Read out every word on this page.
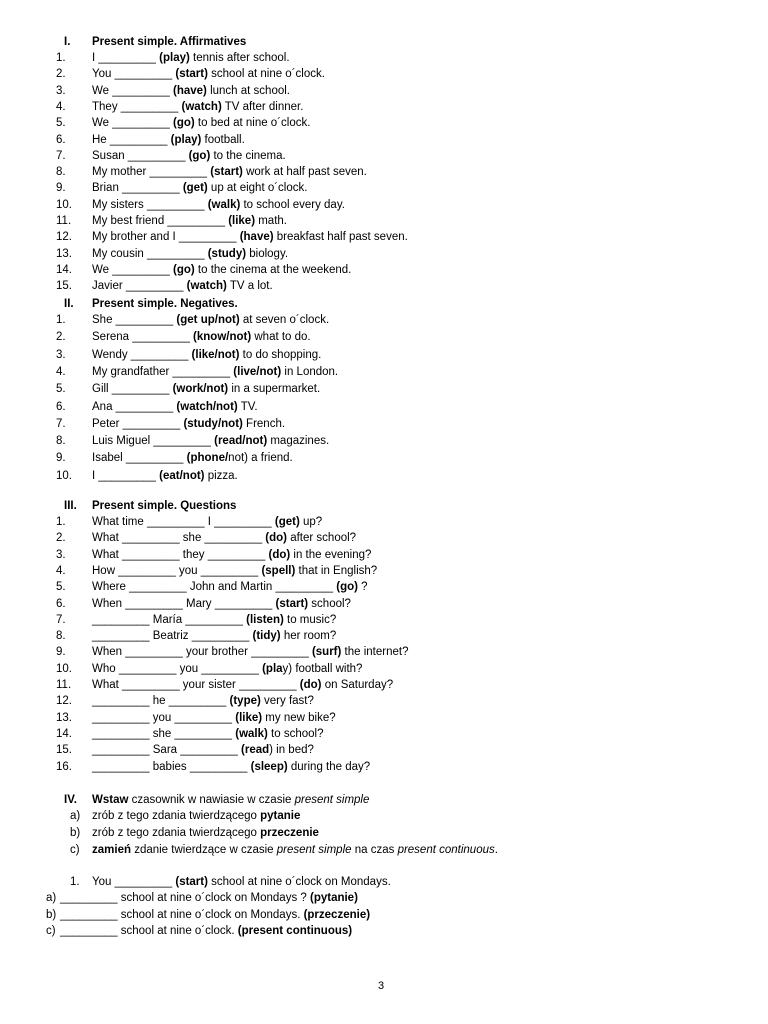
I. Present simple. Affirmatives
1.	I _________ (play) tennis after school.
2.	You _________ (start) school at nine o´clock.
3.	We _________ (have) lunch at school.
4.	They _________ (watch) TV after dinner.
5.	We _________ (go) to bed at nine o´clock.
6.	He _________ (play) football.
7.	Susan _________ (go) to the cinema.
8.	My mother _________ (start) work at half past seven.
9.	Brian _________ (get) up at eight o´clock.
10.	My sisters _________ (walk) to school every day.
11.	My best friend _________ (like) math.
12.	My brother and I _________ (have) breakfast half past seven.
13.	My cousin _________ (study) biology.
14.	We _________ (go) to the cinema at the weekend.
15.	Javier _________ (watch) TV a lot.
II. Present simple. Negatives.
1.	She _________ (get up/not) at seven o´clock.
2.	Serena _________ (know/not) what to do.
3.	Wendy _________ (like/not) to do shopping.
4.	My grandfather _________ (live/not) in London.
5.	Gill _________ (work/not) in a supermarket.
6.	Ana _________ (watch/not) TV.
7.	Peter _________ (study/not) French.
8.	Luis Miguel _________ (read/not) magazines.
9.	Isabel _________ (phone/not) a friend.
10.	I _________ (eat/not) pizza.
III. Present simple. Questions
1.	What time _________ I _________ (get) up?
2.	What _________ she _________ (do) after school?
3.	What _________ they _________ (do) in the evening?
4.	How _________ you _________ (spell) that in English?
5.	Where _________ John and Martin _________ (go) ?
6.	When _________ Mary _________ (start) school?
7.	_________ María _________ (listen) to music?
8.	_________ Beatriz _________ (tidy) her room?
9.	When _________ your brother _________ (surf) the internet?
10.	Who _________ you _________ (play) football with?
11.	What _________ your sister _________ (do) on Saturday?
12.	_________ he _________ (type) very fast?
13.	_________ you _________ (like) my new bike?
14.	_________ she _________ (walk) to school?
15.	_________ Sara _________ (read) in bed?
16.	_________ babies _________ (sleep) during the day?
IV. Wstaw czasownik w nawiasie w czasie present simple
a) zrób z tego zdania twierdzącego pytanie
b) zrób z tego zdania twierdzącego przeczenie
c) zamień zdanie twierdzące w czasie present simple na czas present continuous.
1. You _________ (start) school at nine o´clock on Mondays.
a) _________ school at nine o´clock on Mondays ? (pytanie)
b) _________ school at nine o´clock on Mondays. (przeczenie)
c) _________ school at nine o´clock. (present continuous)
3
